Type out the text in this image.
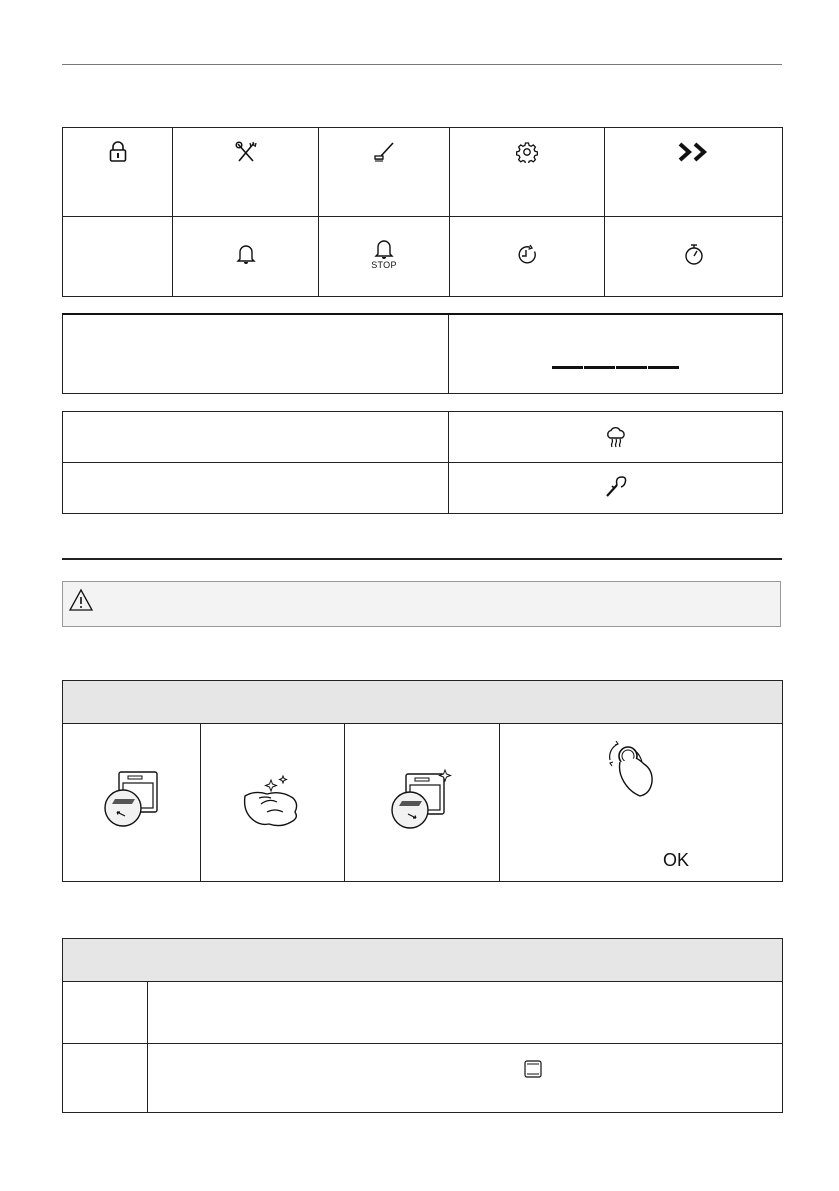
STOP

OK
